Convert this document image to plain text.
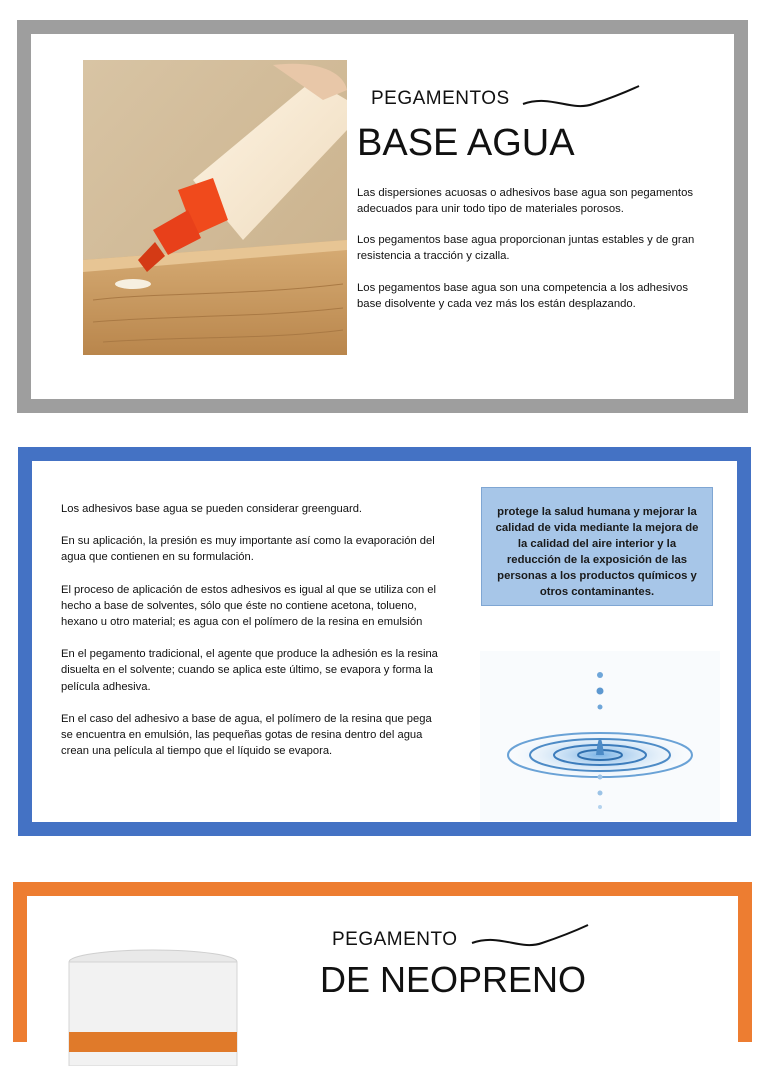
PEGAMENTOS
BASE AGUA

Las dispersiones acuosas o adhesivos base agua son pegamentos adecuados para unir todo tipo de materiales porosos.

Los pegamentos base agua proporcionan juntas estables y de gran resistencia a tracción y cizalla.

Los pegamentos base agua son una competencia a los adhesivos base disolvente y cada vez más los están desplazando.

Los adhesivos base agua se pueden considerar greenguard.

En su aplicación, la presión es muy importante así como la evaporación del agua que contienen en su formulación.

El proceso de aplicación de estos adhesivos es igual al que se utiliza con el hecho a base de solventes, sólo que éste no contiene acetona, tolueno, hexano u otro material; es agua con el polímero de la resina en emulsión

En el pegamento tradicional, el agente que produce la adhesión es la resina disuelta en el solvente; cuando se aplica este último, se evapora y forma la película adhesiva.

En el caso del adhesivo a base de agua, el polímero de la resina que pega se encuentra en emulsión, las pequeñas gotas de resina dentro del agua crean una película al tiempo que el líquido se evapora.

protege la salud humana y mejorar la calidad de vida mediante la mejora de la calidad del aire interior y la reducción de la exposición de las personas a los productos químicos y otros contaminantes.
PEGAMENTO
DE NEOPRENO
